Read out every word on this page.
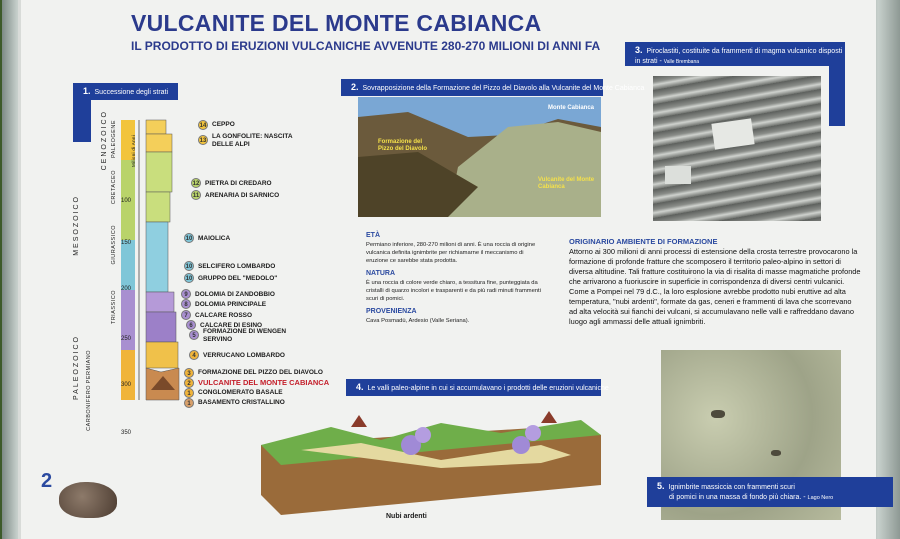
VULCANITE DEL MONTE CABIANCA
IL PRODOTTO DI ERUZIONI VULCANICHE AVVENUTE 280-270 MILIONI DI ANNI FA
1. Successione degli strati
PALEOZOICO
MESOZOICO
CENOZOICO
CARBONIFERO
PERMIANO
TRIASSICO
GIURASSICO
CRETACEO
PALEOGENE	Milioni di Anni
100
150
200
250
300
350
14 CEPPO
13
LA GONFOLITE: NASCITA DELLE ALPI
12 PIETRA DI CREDARO
11 ARENARIA DI SARNICO
10 MAIOLICA
10 SELCIFERO LOMBARDO
10 GRUPPO DEL "MEDOLO"
9	DOLOMIA DI ZANDOBBIO
8	DOLOMIA PRINCIPALE
7	CALCARE ROSSO
6	CALCARE DI ESINO
5
FORMAZIONE DI WENGEN SERVINO
4	VERRUCANO LOMBARDO
3	FORMAZIONE DEL PIZZO DEL DIAVOLO
2 VULCANITE DEL MONTE CABIANCA
1	CONGLOMERATO BASALE
1	BASAMENTO CRISTALLINO
2
2. Sovrapposizione della Formazione del Pizzo del Diavolo alla Vulcanite del Monte Cabianca
Monte Cabianca
Formazione del Pizzo del Diavolo
Vulcanite del Monte Cabianca
ETÀ
Permiano inferiore, 280-270 milioni di anni. È una roccia di origine vulcanica definita ignimbrite per richiamarne il meccanismo di eruzione ce sarebbe stata prodotta.
NATURA
È una roccia di colore verde chiaro, a tessitura fine, punteggiata da cristalli di quarzo incolori e trasparenti e da più radi minuti frammenti scuri di pomici.
PROVENIENZA
Cava Posmadù, Ardesio (Valle Seriana).
3. Piroclastiti, costituite da frammenti di magma vulcanico disposti in strati - Valle Brembana
ORIGINARIO AMBIENTE DI FORMAZIONE
Attorno ai 300 milioni di anni processi di estensione della crosta terrestre provocarono la formazione di profonde fratture che scomposero il territorio paleo-alpino in settori di diversa altitudine. Tali fratture costituirono la via di risalita di masse magmatiche profonde che arrivarono a fuoriuscire in superficie in corrispondenza di diversi centri vulcanici. Come a Pompei nel 79 d.C., la loro esplosione avrebbe prodotto nubi eruttive ad alta temperatura, "nubi ardenti", formate da gas, ceneri e frammenti di lava che scorrevano ad alta velocità sui fianchi dei vulcani, si accumulavano nelle valli e raffreddano davano luogo agli ammassi delle attuali ignimbriti.
4. Le valli paleo-alpine in cui si accumulavano i prodotti delle eruzioni vulcaniche
Nubi ardenti
5. Ignimbrite massiccia con frammenti scuri
di pomici in una massa di fondo più chiara. - Lago Nero
